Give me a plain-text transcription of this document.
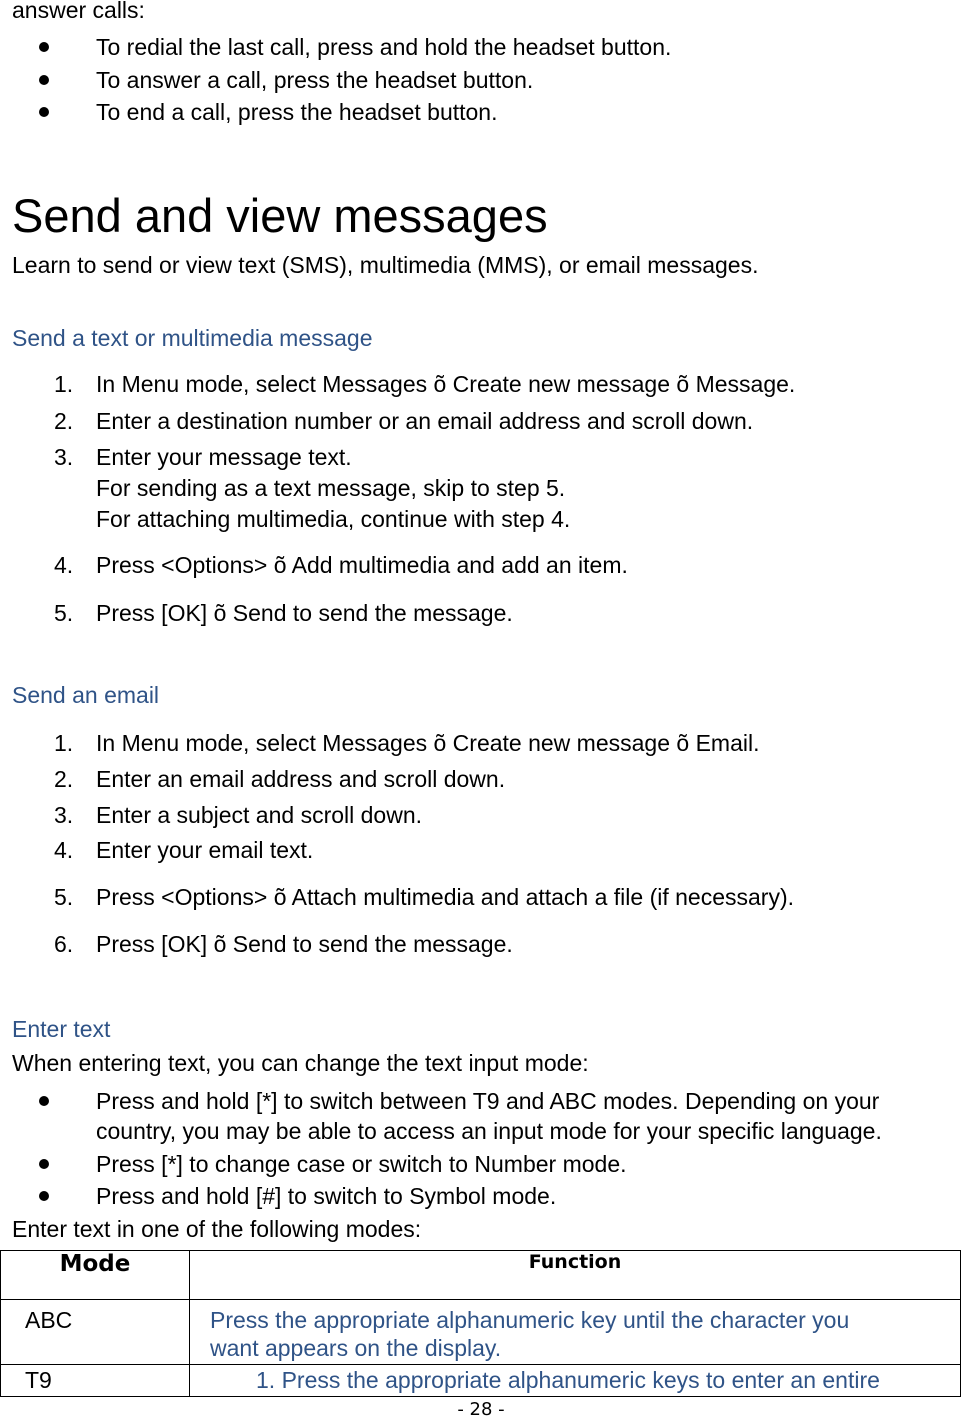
answer calls:
To redial the last call, press and hold the headset button.
To answer a call, press the headset button.
To end a call, press the headset button.
Send and view messages
Learn to send or view text (SMS), multimedia (MMS), or email messages.
Send a text or multimedia message
1. In Menu mode, select Messages õ Create new message õ Message.
2. Enter a destination number or an email address and scroll down.
3. Enter your message text.
For sending as a text message, skip to step 5.
For attaching multimedia, continue with step 4.
4. Press <Options> õ Add multimedia and add an item.
5. Press [OK] õ Send to send the message.
Send an email
1. In Menu mode, select Messages õ Create new message õ Email.
2. Enter an email address and scroll down.
3. Enter a subject and scroll down.
4. Enter your email text.
5. Press <Options> õ Attach multimedia and attach a file (if necessary).
6. Press [OK] õ Send to send the message.
Enter text
When entering text, you can change the text input mode:
Press and hold [*] to switch between T9 and ABC modes. Depending on your
country, you may be able to access an input mode for your specific language.
Press [*] to change case or switch to Number mode.
Press and hold [#] to switch to Symbol mode.
Enter text in one of the following modes:
Mode	Function
ABC	Press the appropriate alphanumeric key until the character you
want appears on the display.

T9	1. Press the appropriate alphanumeric keys to enter an entire
- 28 -
